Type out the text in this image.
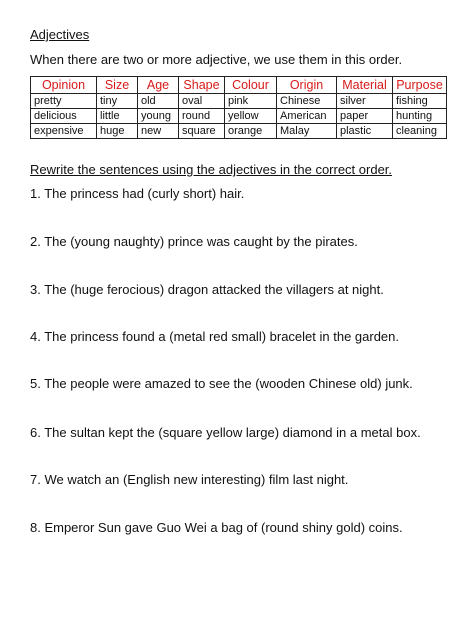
Adjectives
When there are two or more adjective, we use them in this order.
Opinion	Size	Age	Shape	Colour	Origin	Material	Purpose
pretty	tiny	old	oval	pink	Chinese	silver	fishing
delicious	little	young	round	yellow	American	paper	hunting
expensive	huge	new	square	orange	Malay	plastic	cleaning
Rewrite the sentences using the adjectives in the correct order.
1. The princess had (curly short) hair.
2. The (young naughty) prince was caught by the pirates.
3. The (huge ferocious) dragon attacked the villagers at night.
4. The princess found a (metal red small) bracelet in the garden.
5. The people were amazed to see the (wooden Chinese old) junk.
6. The sultan kept the (square yellow large) diamond in a metal box.
7. We watch an (English new interesting) film last night.
8. Emperor Sun gave Guo Wei a bag of (round shiny gold) coins.
